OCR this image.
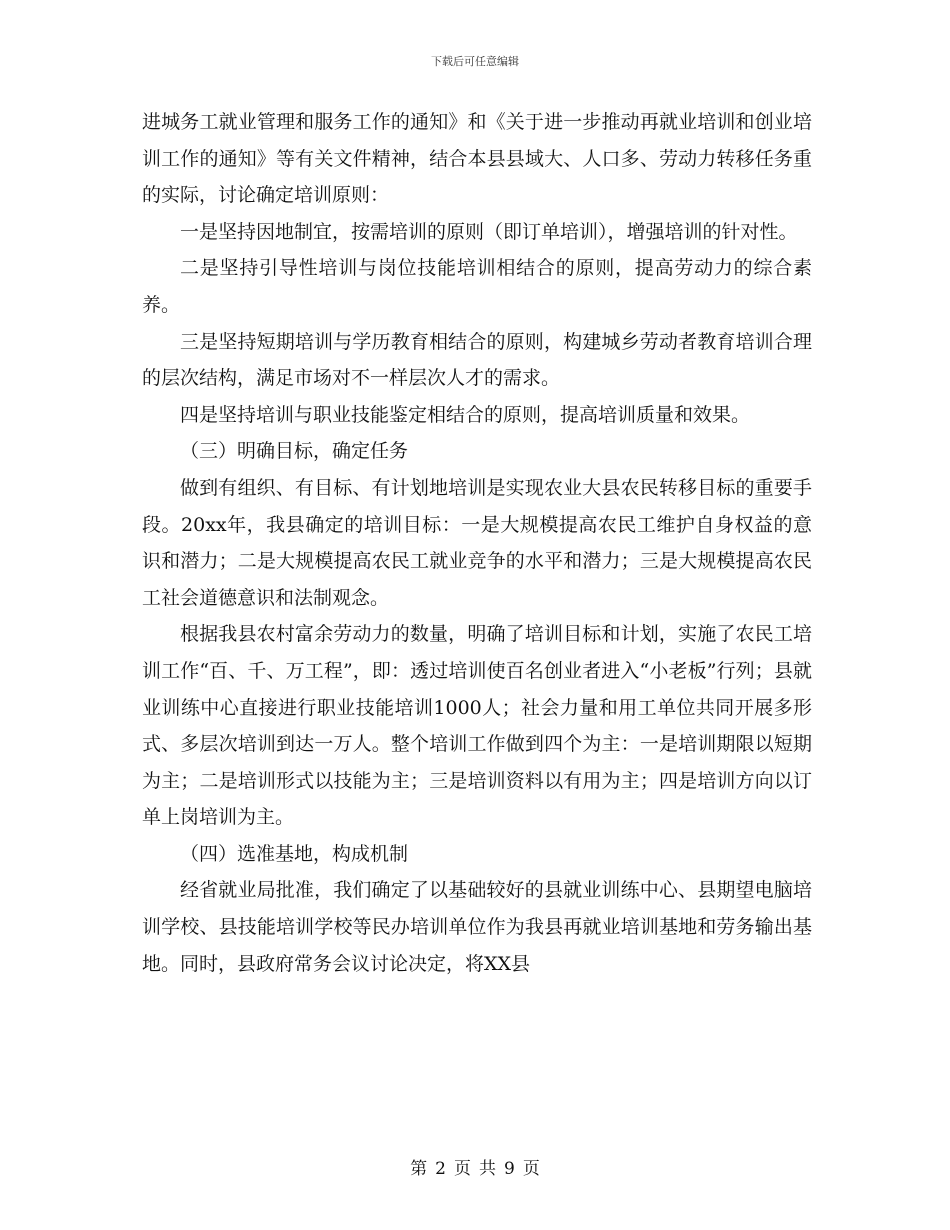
下载后可任意编辑

进城务工就业管理和服务工作的通知》和《关于进一步推动再就业培训和创业培训工作的通知》等有关文件精神，结合本县县域大、人口多、劳动力转移任务重的实际，讨论确定培训原则：

一是坚持因地制宜，按需培训的原则（即订单培训），增强培训的针对性。

二是坚持引导性培训与岗位技能培训相结合的原则，提高劳动力的综合素养。

三是坚持短期培训与学历教育相结合的原则，构建城乡劳动者教育培训合理的层次结构，满足市场对不一样层次人才的需求。

四是坚持培训与职业技能鉴定相结合的原则，提高培训质量和效果。

（三）明确目标，确定任务

做到有组织、有目标、有计划地培训是实现农业大县农民转移目标的重要手段。20xx年，我县确定的培训目标：一是大规模提高农民工维护自身权益的意识和潜力；二是大规模提高农民工就业竞争的水平和潜力；三是大规模提高农民工社会道德意识和法制观念。

根据我县农村富余劳动力的数量，明确了培训目标和计划，实施了农民工培训工作“百、千、万工程”，即：透过培训使百名创业者进入“小老板”行列；县就业训练中心直接进行职业技能培训1000人；社会力量和用工单位共同开展多形式、多层次培训到达一万人。整个培训工作做到四个为主：一是培训期限以短期为主；二是培训形式以技能为主；三是培训资料以有用为主；四是培训方向以订单上岗培训为主。

（四）选准基地，构成机制

经省就业局批准，我们确定了以基础较好的县就业训练中心、县期望电脑培训学校、县技能培训学校等民办培训单位作为我县再就业培训基地和劳务输出基地。同时，县政府常务会议讨论决定，将XX县

第 2 页 共 9 页
